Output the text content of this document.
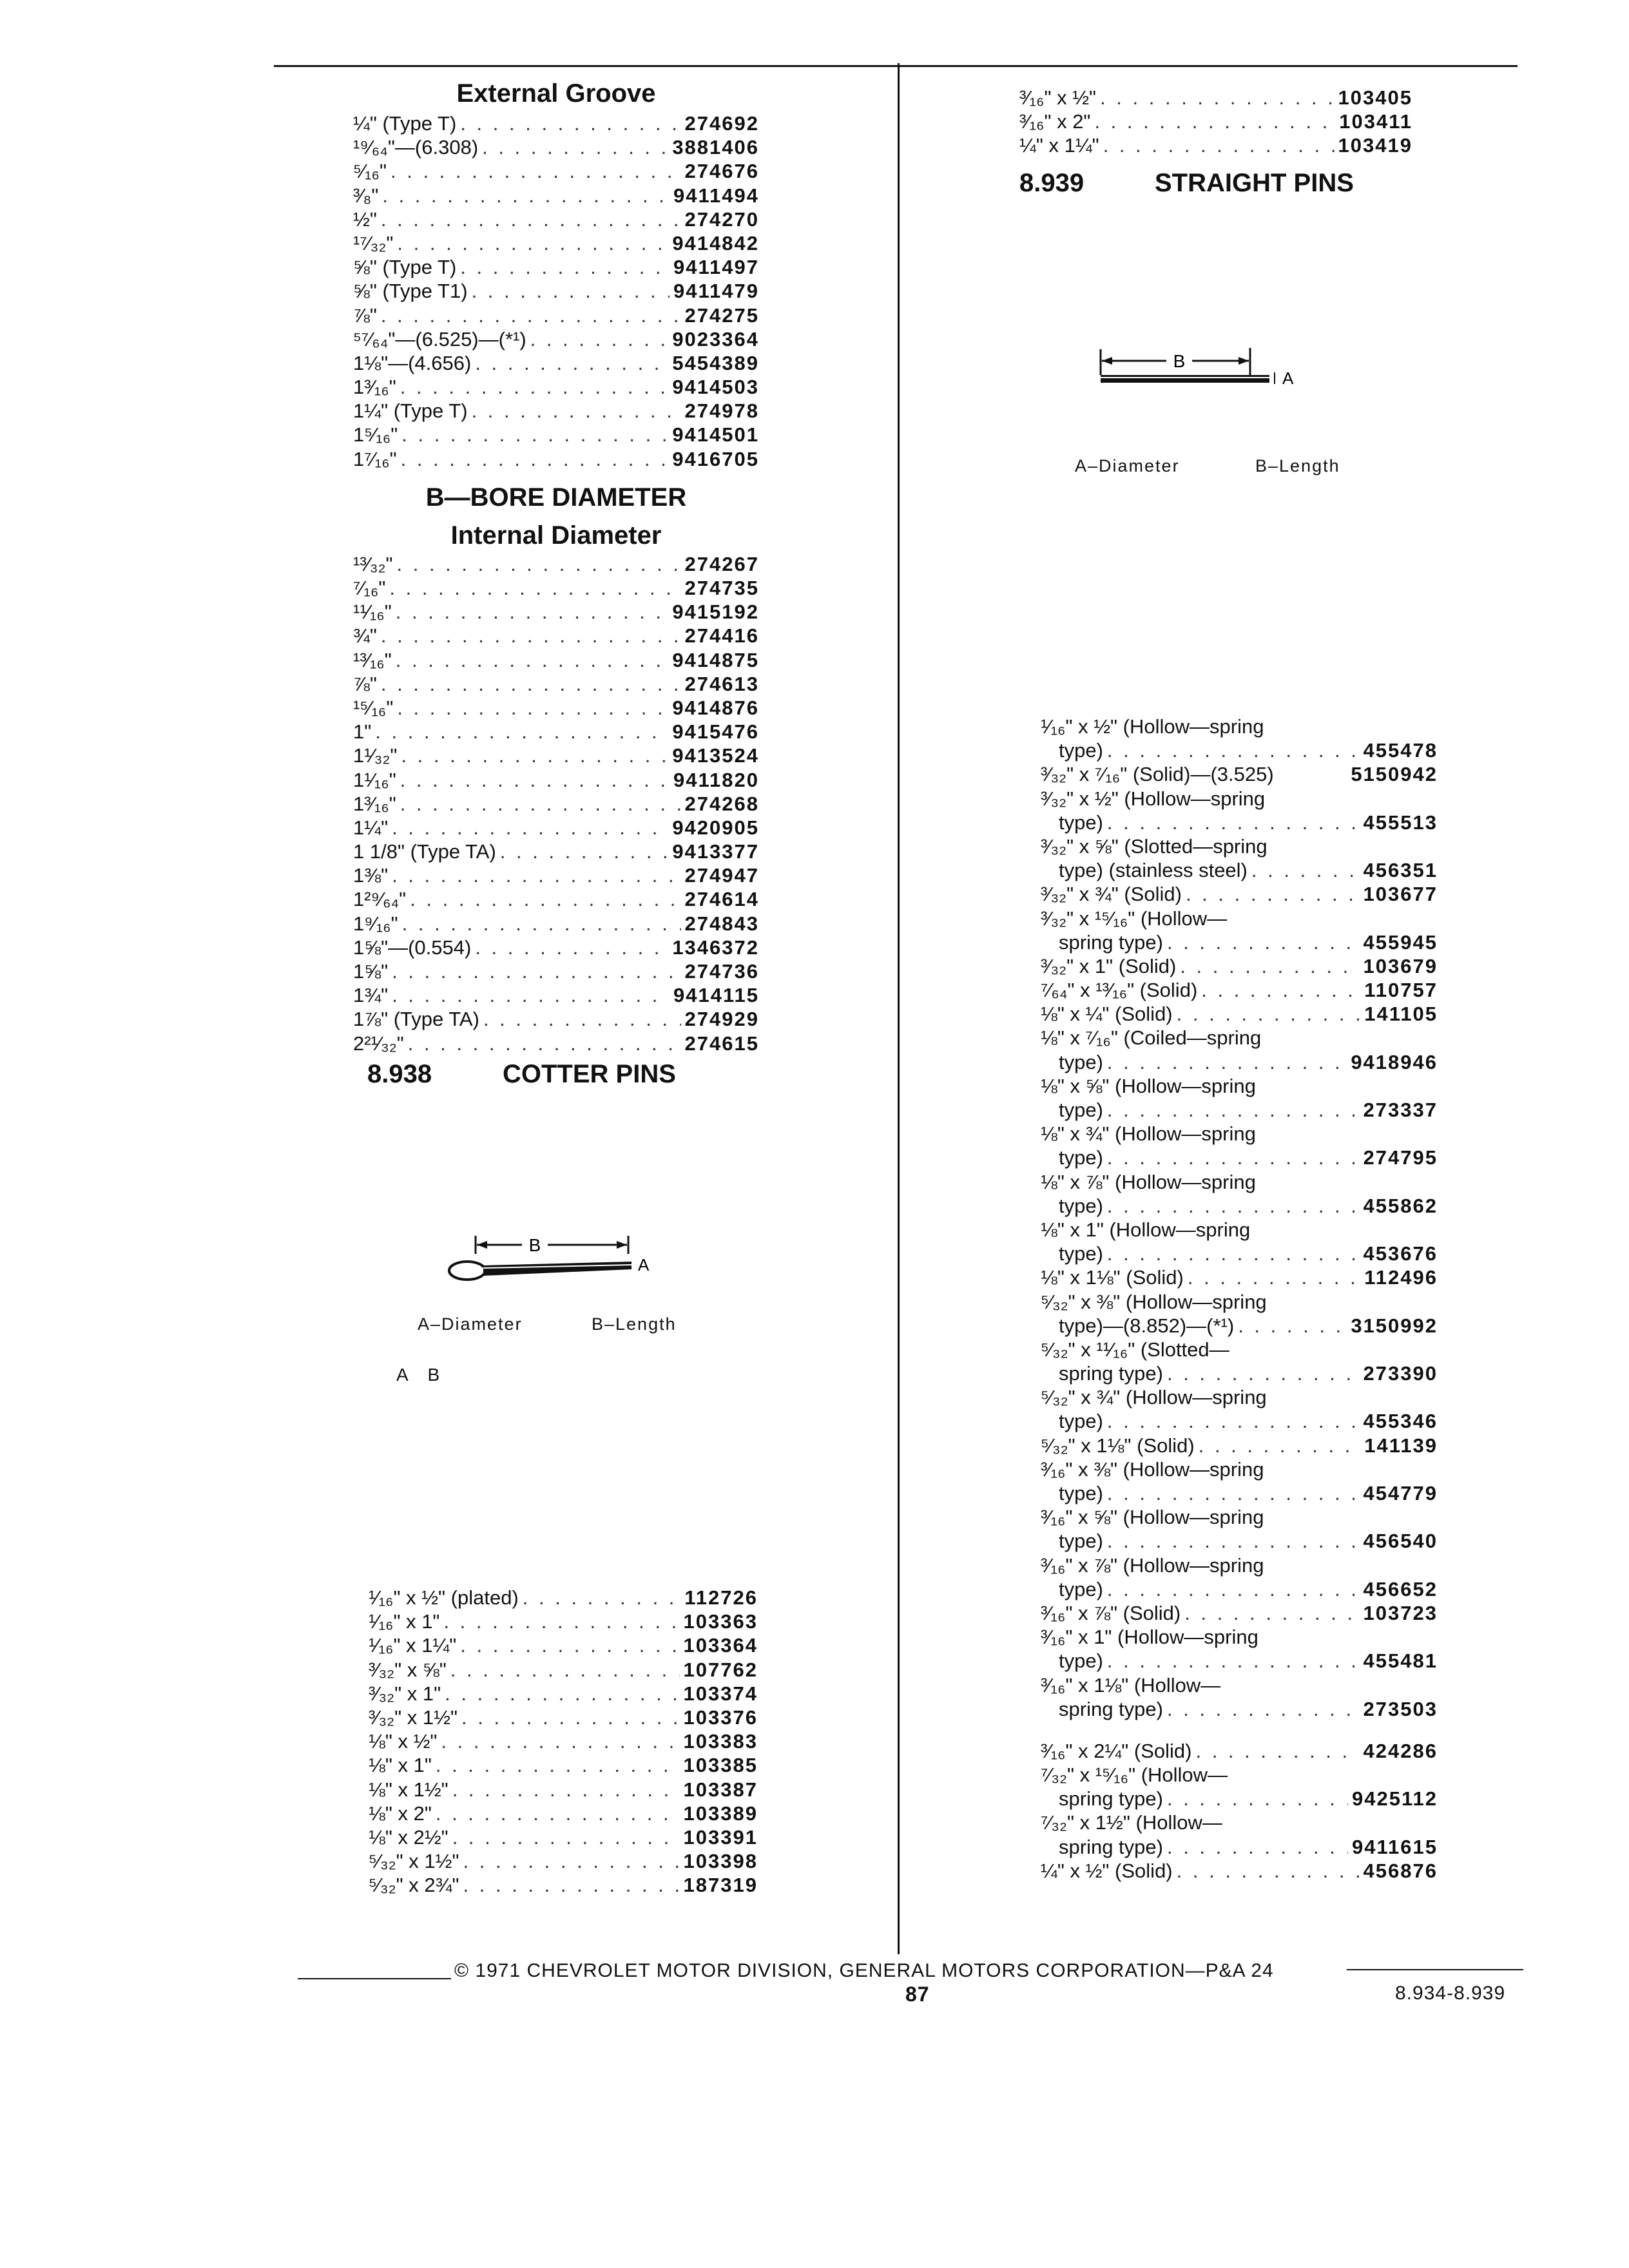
External Groove
¼" (Type T) . . .	274692
¹⁹⁄₆₄"—(6.308) . . .	3881406
⁵⁄₁₆" . . .	274676
³⁄₈" . . .	9411494
½" . . .	274270
¹⁷⁄₃₂" . . .	9414842
⅝" (Type T) . . .	9411497
⅝" (Type T1) . . .	9411479
⅞" . . .	274275
⁵⁷⁄₆₄"—(6.525)—(*¹) . . .	9023364
1⅛"—(4.656) . . .	5454389
1³⁄₁₆" . . .	9414503
1¼" (Type T) . . .	274978
1⁵⁄₁₆" . . .	9414501
1⁷⁄₁₆" . . .	9416705
B—BORE DIAMETER
Internal Diameter
¹³⁄₃₂" . . .	274267
⁷⁄₁₆" . . .	274735
¹¹⁄₁₆" . . .	9415192
¾" . . .	274416
¹³⁄₁₆" . . .	9414875
⅞" . . .	274613
¹⁵⁄₁₆" . . .	9414876
1" . . .	9415476
1¹⁄₃₂" . . .	9413524
1¹⁄₁₆" . . .	9411820
1³⁄₁₆" . . .	274268
1¼" . . .	9420905
1 1/8" (Type TA) . . .	9413377
1⅜" . . .	274947
1²⁹⁄₆₄" . . .	274614
1⁹⁄₁₆" . . .	274843
1⅝"—(0.554) . . .	1346372
1⅝" . . .	274736
1¾" . . .	9414115
1⅞" (Type TA) . . .	274929
2²¹⁄₃₂" . . .	274615
8.938	COTTER PINS
B
A
A–Diameter	B–Length
A   B
¹⁄₁₆" x ½" (plated) . . .	112726
¹⁄₁₆" x 1" . . .	103363
¹⁄₁₆" x 1¼" . . .	103364
³⁄₃₂" x ⅝" . . .	107762
³⁄₃₂" x 1" . . .	103374
³⁄₃₂" x 1½" . . .	103376
⅛" x ½" . . .	103383
⅛" x 1" . . .	103385
⅛" x 1½" . . .	103387
⅛" x 2" . . .	103389
⅛" x 2½" . . .	103391
⁵⁄₃₂" x 1½" . . .	103398
⁵⁄₃₂" x 2¾" . . .	187319
³⁄₁₆" x ½" . . .	103405
³⁄₁₆" x 2" . . .	103411
¼" x 1¼" . . .	103419
8.939	STRAIGHT PINS
B
A
A–Diameter	B–Length
¹⁄₁₆" x ½" (Hollow—spring
type) . . .	455478
³⁄₃₂" x ⁷⁄₁₆" (Solid)—(3.525)	5150942
³⁄₃₂" x ½" (Hollow—spring
type) . . .	455513
³⁄₃₂" x ⅝" (Slotted—spring
type) (stainless steel) . . .	456351
³⁄₃₂" x ¾" (Solid) . . .	103677
³⁄₃₂" x ¹⁵⁄₁₆" (Hollow—
spring type) . . .	455945
³⁄₃₂" x 1" (Solid) . . .	103679
⁷⁄₆₄" x ¹³⁄₁₆" (Solid) . . .	110757
⅛" x ¼" (Solid) . . .	141105
⅛" x ⁷⁄₁₆" (Coiled—spring
type) . . .	9418946
⅛" x ⅝" (Hollow—spring
type) . . .	273337
⅛" x ¾" (Hollow—spring
type) . . .	274795
⅛" x ⅞" (Hollow—spring
type) . . .	455862
⅛" x 1" (Hollow—spring
type) . . .	453676
⅛" x 1⅛" (Solid) . . .	112496
⁵⁄₃₂" x ⅜" (Hollow—spring
type)—(8.852)—(*¹) . . .	3150992
⁵⁄₃₂" x ¹¹⁄₁₆" (Slotted—
spring type) . . .	273390
⁵⁄₃₂" x ¾" (Hollow—spring
type) . . .	455346
⁵⁄₃₂" x 1⅛" (Solid) . . .	141139
³⁄₁₆" x ⅜" (Hollow—spring
type) . . .	454779
³⁄₁₆" x ⅝" (Hollow—spring
type) . . .	456540
³⁄₁₆" x ⅞" (Hollow—spring
type) . . .	456652
³⁄₁₆" x ⅞" (Solid) . . .	103723
³⁄₁₆" x 1" (Hollow—spring
type) . . .	455481
³⁄₁₆" x 1⅛" (Hollow—
spring type) . . .	273503
³⁄₁₆" x 2¼" (Solid) . . .	424286
⁷⁄₃₂" x ¹⁵⁄₁₆" (Hollow—
spring type) . . .	9425112
⁷⁄₃₂" x 1½" (Hollow—
spring type) . . .	9411615
¼" x ½" (Solid) . . .	456876
© 1971 CHEVROLET MOTOR DIVISION, GENERAL MOTORS CORPORATION—P&A 24
87	8.934-8.939
